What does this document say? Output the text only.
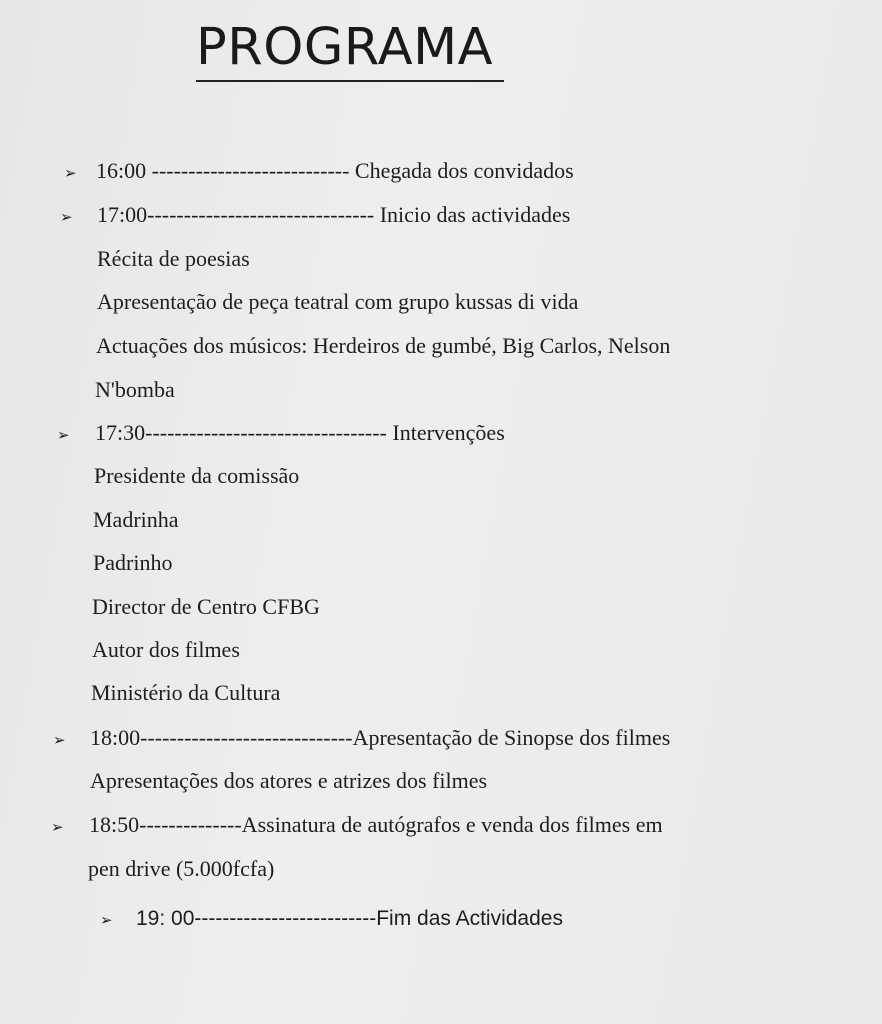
PROGRAMA
➢ 16:00 --------------------------- Chegada dos convidados
➢ 17:00------------------------------- Inicio das actividades
Récita de poesias
Apresentação de peça teatral com grupo kussas di vida
Actuações dos músicos: Herdeiros de gumbé, Big Carlos, Nelson
N'bomba
➢ 17:30--------------------------------- Intervenções
Presidente da comissão
Madrinha
Padrinho
Director de Centro CFBG
Autor dos filmes
Ministério da Cultura
➢ 18:00-----------------------------Apresentação de Sinopse dos filmes
Apresentações dos atores e atrizes dos filmes
➢ 18:50--------------Assinatura de autógrafos e venda dos filmes em
pen drive (5.000fcfa)
➢ 19: 00--------------------------Fim das Actividades
